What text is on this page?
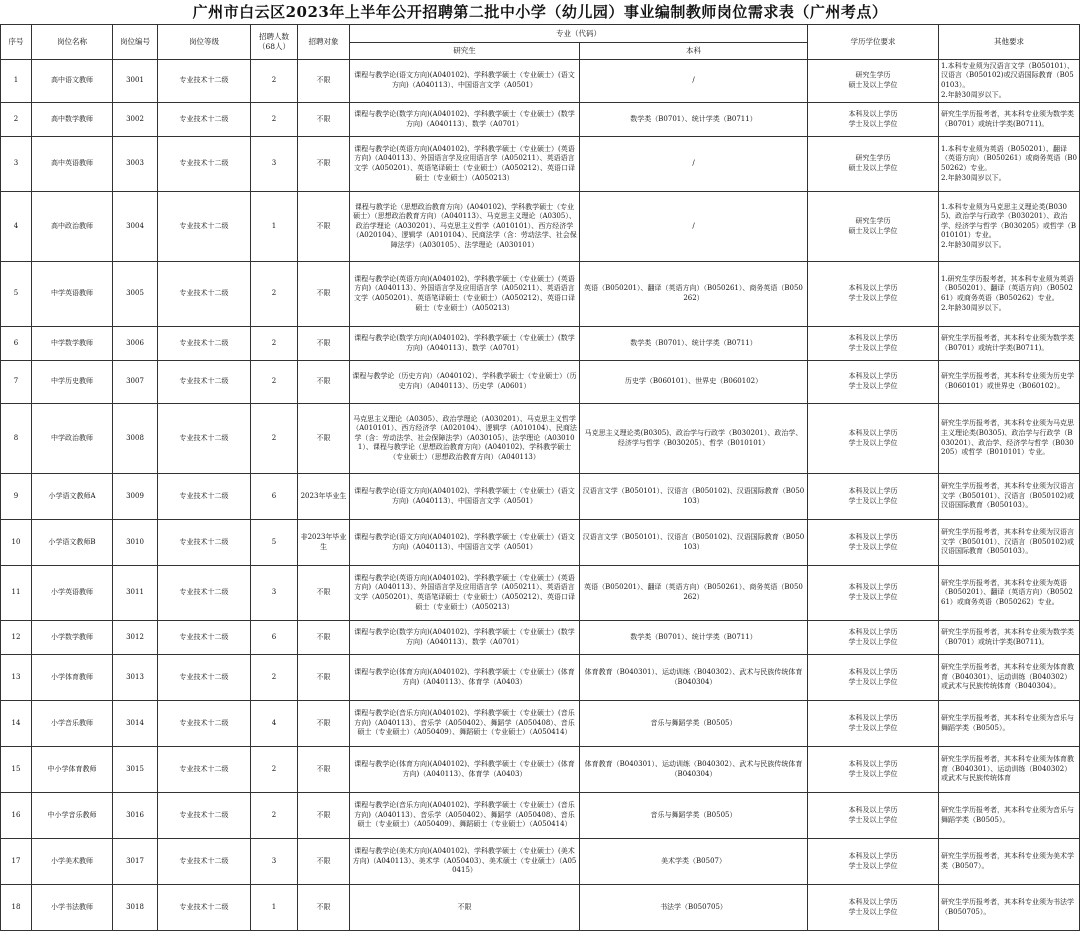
广州市白云区2023年上半年公开招聘第二批中小学（幼儿园）事业编制教师岗位需求表（广州考点）
序号	岗位名称	岗位编号	岗位等级	招聘人数（68人）	招聘对象	专业（代码）		学历学位要求	其他要求
						研究生	本科		
1	高中语文教师	3001	专业技术十二级	2	不限	课程与教学论(语文方向)(A040102)、学科教学硕士（专业硕士）(语文方向)（A040113）、中国语言文学（A0501）	/	研究生学历
硕士及以上学位	1.本科专业须为汉语言文学（B050101）、汉语言（B050102)或汉语国际教育（B050103）。
2.年龄30周岁以下。
2	高中数学教师	3002	专业技术十二级	2	不限	课程与教学论(数学方向)(A040102)、学科教学硕士（专业硕士）(数学方向)（A040113）、数学（A0701）	数学类（B0701）、统计学类（B0711）	本科及以上学历
学士及以上学位	研究生学历报考者，其本科专业须为数学类（B0701）或统计学类(B0711)。
3	高中英语教师	3003	专业技术十二级	3	不限	课程与教学论(英语方向)(A040102)、学科教学硕士（专业硕士）(英语方向)（A040113）、外国语言学及应用语言学（A050211）、英语语言文学（A050201）、英语笔译硕士（专业硕士）（A050212）、英语口译硕士（专业硕士）（A050213）	/	研究生学历
硕士及以上学位	1.本科专业须为英语（B050201）、翻译（英语方向）（B050261）或商务英语（B050262）专业。
2.年龄30周岁以下。
4	高中政治教师	3004	专业技术十二级	1	不限	课程与教学论（思想政治教育方向）(A040102)、学科教学硕士（专业硕士）（思想政治教育方向）（A040113）、马克思主义理论（A0305）、政治学理论（A030201）、马克思主义哲学（A010101）、西方经济学（A020104）、逻辑学（A010104）、民商法学（含：劳动法学、社会保障法学）（A030105）、法学理论（A030101）	/	研究生学历
硕士及以上学位	1.本科专业须为马克思主义理论类(B0305)、政治学与行政学（B030201）、政治学、经济学与哲学（B030205）或哲学（B010101）专业。
2.年龄30周岁以下。
5	中学英语教师	3005	专业技术十二级	2	不限	课程与教学论(英语方向)(A040102)、学科教学硕士（专业硕士）(英语方向)（A040113）、外国语言学及应用语言学（A050211）、英语语言文学（A050201）、英语笔译硕士（专业硕士）（A050212）、英语口译硕士（专业硕士）（A050213）	英语（B050201）、翻译（英语方向）（B050261）、商务英语（B050262）	本科及以上学历
学士及以上学位	1.研究生学历报考者，其本科专业须为英语（B050201）、翻译（英语方向）（B050261）或商务英语（B050262）专业。
2.年龄30周岁以下。
6	中学数学教师	3006	专业技术十二级	2	不限	课程与教学论(数学方向)(A040102)、学科教学硕士（专业硕士）(数学方向)（A040113）、数学（A0701）	数学类（B0701）、统计学类（B0711）	本科及以上学历
学士及以上学位	研究生学历报考者，其本科专业须为数学类（B0701）或统计学类(B0711)。
7	中学历史教师	3007	专业技术十二级	2	不限	课程与教学论（历史方向）（A040102）、学科教学硕士（专业硕士）（历史方向）（A040113）、历史学（A0601）	历史学（B060101）、世界史（B060102）	本科及以上学历
学士及以上学位	研究生学历报考者，其本科专业须为历史学（B060101）或世界史（B060102）。
8	中学政治教师	3008	专业技术十二级	2	不限	马克思主义理论（A0305）、政治学理论（A030201）、马克思主义哲学（A010101）、西方经济学（A020104）、逻辑学（A010104）、民商法学（含：劳动法学、社会保障法学）（A030105）、法学理论（A030101）、课程与教学论（思想政治教育方向）(A040102)、学科教学硕士（专业硕士）（思想政治教育方向）（A040113）	马克思主义理论类(B0305)、政治学与行政学（B030201）、政治学、经济学与哲学（B030205）、哲学（B010101）	本科及以上学历
学士及以上学位	研究生学历报考者，其本科专业须为马克思主义理论类(B0305)、政治学与行政学（B030201）、政治学、经济学与哲学（B030205）或哲学（B010101）专业。
9	小学语文教师A	3009	专业技术十二级	6	2023年毕业生	课程与教学论(语文方向)(A040102)、学科教学硕士（专业硕士）(语文方向)（A040113）、中国语言文学（A0501）	汉语言文学（B050101）、汉语言（B050102)、汉语国际教育（B050103）	本科及以上学历
学士及以上学位	研究生学历报考者，其本科专业须为汉语言文学（B050101）、汉语言（B050102)或汉语国际教育（B050103）。
10	小学语文教师B	3010	专业技术十二级	5	非2023年毕业生	课程与教学论(语文方向)(A040102)、学科教学硕士（专业硕士）(语文方向)（A040113）、中国语言文学（A0501）	汉语言文学（B050101）、汉语言（B050102)、汉语国际教育（B050103）	本科及以上学历
学士及以上学位	研究生学历报考者，其本科专业须为汉语言文学（B050101）、汉语言（B050102)或汉语国际教育（B050103）。
11	小学英语教师	3011	专业技术十二级	3	不限	课程与教学论(英语方向)(A040102)、学科教学硕士（专业硕士）(英语方向)（A040113）、外国语言学及应用语言学（A050211）、英语语言文学（A050201）、英语笔译硕士（专业硕士）（A050212）、英语口译硕士（专业硕士）（A050213）	英语（B050201）、翻译（英语方向）（B050261）、商务英语（B050262）	本科及以上学历
学士及以上学位	研究生学历报考者，其本科专业须为英语（B050201）、翻译（英语方向）（B050261）或商务英语（B050262）专业。
12	小学数学教师	3012	专业技术十二级	6	不限	课程与教学论(数学方向)(A040102)、学科教学硕士（专业硕士）(数学方向)（A040113）、数学（A0701）	数学类（B0701）、统计学类（B0711）	本科及以上学历
学士及以上学位	研究生学历报考者，其本科专业须为数学类（B0701）或统计学类(B0711)。
13	小学体育教师	3013	专业技术十二级	2	不限	课程与教学论(体育方向)(A040102)、学科教学硕士（专业硕士）(体育方向)（A040113）、体育学（A0403）	体育教育（B040301）、运动训练（B040302）、武术与民族传统体育（B040304）	本科及以上学历
学士及以上学位	研究生学历报考者，其本科专业须为体育教育（B040301）、运动训练（B040302）或武术与民族传统体育（B040304）。
14	小学音乐教师	3014	专业技术十二级	4	不限	课程与教学论(音乐方向)(A040102)、学科教学硕士（专业硕士）(音乐方向)（A040113）、音乐学（A050402）、舞蹈学（A050408）、音乐硕士（专业硕士）（A050409）、舞蹈硕士（专业硕士）（A050414）	音乐与舞蹈学类（B0505）	本科及以上学历
学士及以上学位	研究生学历报考者，其本科专业须为音乐与舞蹈学类（B0505）。
15	中小学体育教师	3015	专业技术十二级	2	不限	课程与教学论(体育方向)(A040102)、学科教学硕士（专业硕士）(体育方向)（A040113）、体育学（A0403）	体育教育（B040301）、运动训练（B040302）、武术与民族传统体育（B040304）	本科及以上学历
学士及以上学位	研究生学历报考者，其本科专业须为体育教育（B040301）、运动训练（B040302）或武术与民族传统体育
16	中小学音乐教师	3016	专业技术十二级	2	不限	课程与教学论(音乐方向)(A040102)、学科教学硕士（专业硕士）(音乐方向)（A040113）、音乐学（A050402）、舞蹈学（A050408）、音乐硕士（专业硕士）（A050409）、舞蹈硕士（专业硕士）（A050414）	音乐与舞蹈学类（B0505）	本科及以上学历
学士及以上学位	研究生学历报考者，其本科专业须为音乐与舞蹈学类（B0505）。
17	小学美术教师	3017	专业技术十二级	3	不限	课程与教学论(美术方向)(A040102)、学科教学硕士（专业硕士）(美术方向)（A040113）、美术学（A050403）、美术硕士（专业硕士）（A050415）	美术学类（B0507）	本科及以上学历
学士及以上学位	研究生学历报考者，其本科专业须为美术学类（B0507）。
18	小学书法教师	3018	专业技术十二级	1	不限	不限	书法学（B050705）	本科及以上学历
学士及以上学位	研究生学历报考者，其本科专业须为书法学（B050705）。
